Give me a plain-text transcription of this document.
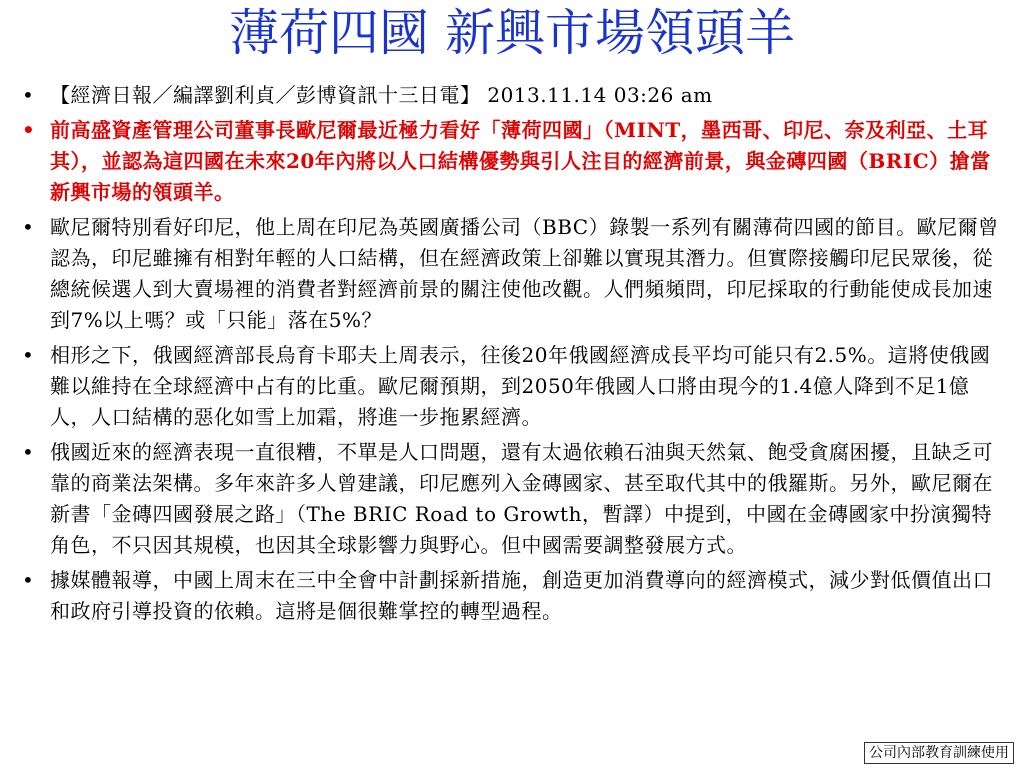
薄荷四國 新興市場領頭羊
• 【經濟日報／編譯劉利貞／彭博資訊十三日電】 2013.11.14 03:26 am
• 前高盛資產管理公司董事長歐尼爾最近極力看好「薄荷四國」（MINT，墨西哥、印尼、奈及利亞、土耳其），並認為這四國在未來20年內將以人口結構優勢與引人注目的經濟前景，與金磚四國（BRIC）搶當新興市場的領頭羊。
• 歐尼爾特別看好印尼，他上周在印尼為英國廣播公司（BBC）錄製一系列有關薄荷四國的節目。歐尼爾曾認為，印尼雖擁有相對年輕的人口結構，但在經濟政策上卻難以實現其潛力。但實際接觸印尼民眾後，從總統候選人到大賣場裡的消費者對經濟前景的關注使他改觀。人們頻頻問，印尼採取的行動能使成長加速到7%以上嗎？或「只能」落在5%？
• 相形之下，俄國經濟部長烏育卡耶夫上周表示，往後20年俄國經濟成長平均可能只有2.5%。這將使俄國難以維持在全球經濟中占有的比重。歐尼爾預期，到2050年俄國人口將由現今的1.4億人降到不足1億人，人口結構的惡化如雪上加霜，將進一步拖累經濟。
• 俄國近來的經濟表現一直很糟，不單是人口問題，還有太過依賴石油與天然氣、飽受貪腐困擾，且缺乏可靠的商業法架構。多年來許多人曾建議，印尼應列入金磚國家、甚至取代其中的俄羅斯。另外，歐尼爾在新書「金磚四國發展之路」（The BRIC Road to Growth，暫譯）中提到，中國在金磚國家中扮演獨特角色，不只因其規模，也因其全球影響力與野心。但中國需要調整發展方式。
• 據媒體報導，中國上周末在三中全會中計劃採新措施，創造更加消費導向的經濟模式，減少對低價值出口和政府引導投資的依賴。這將是個很難掌控的轉型過程。
公司內部教育訓練使用
